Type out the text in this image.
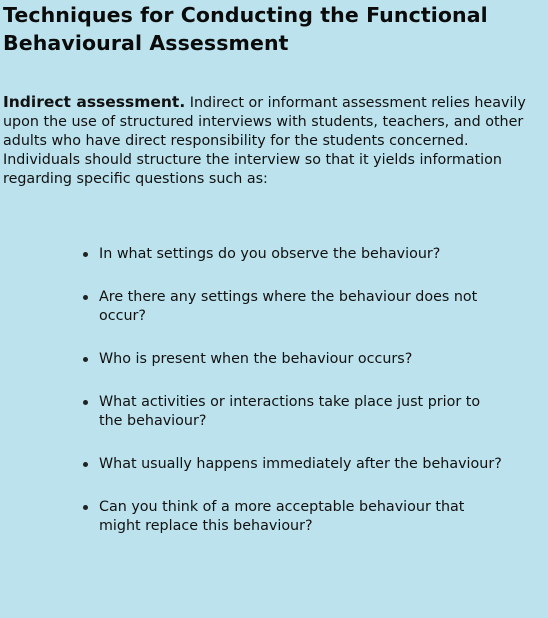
Techniques for Conducting the Functional Behavioural Assessment

Indirect assessment. Indirect or informant assessment relies heavily upon the use of structured interviews with students, teachers, and other adults who have direct responsibility for the students concerned. Individuals should structure the interview so that it yields information regarding specific questions such as:

In what settings do you observe the behaviour?
Are there any settings where the behaviour does not occur?
Who is present when the behaviour occurs?
What activities or interactions take place just prior to the behaviour?
What usually happens immediately after the behaviour?
Can you think of a more acceptable behaviour that might replace this behaviour?
